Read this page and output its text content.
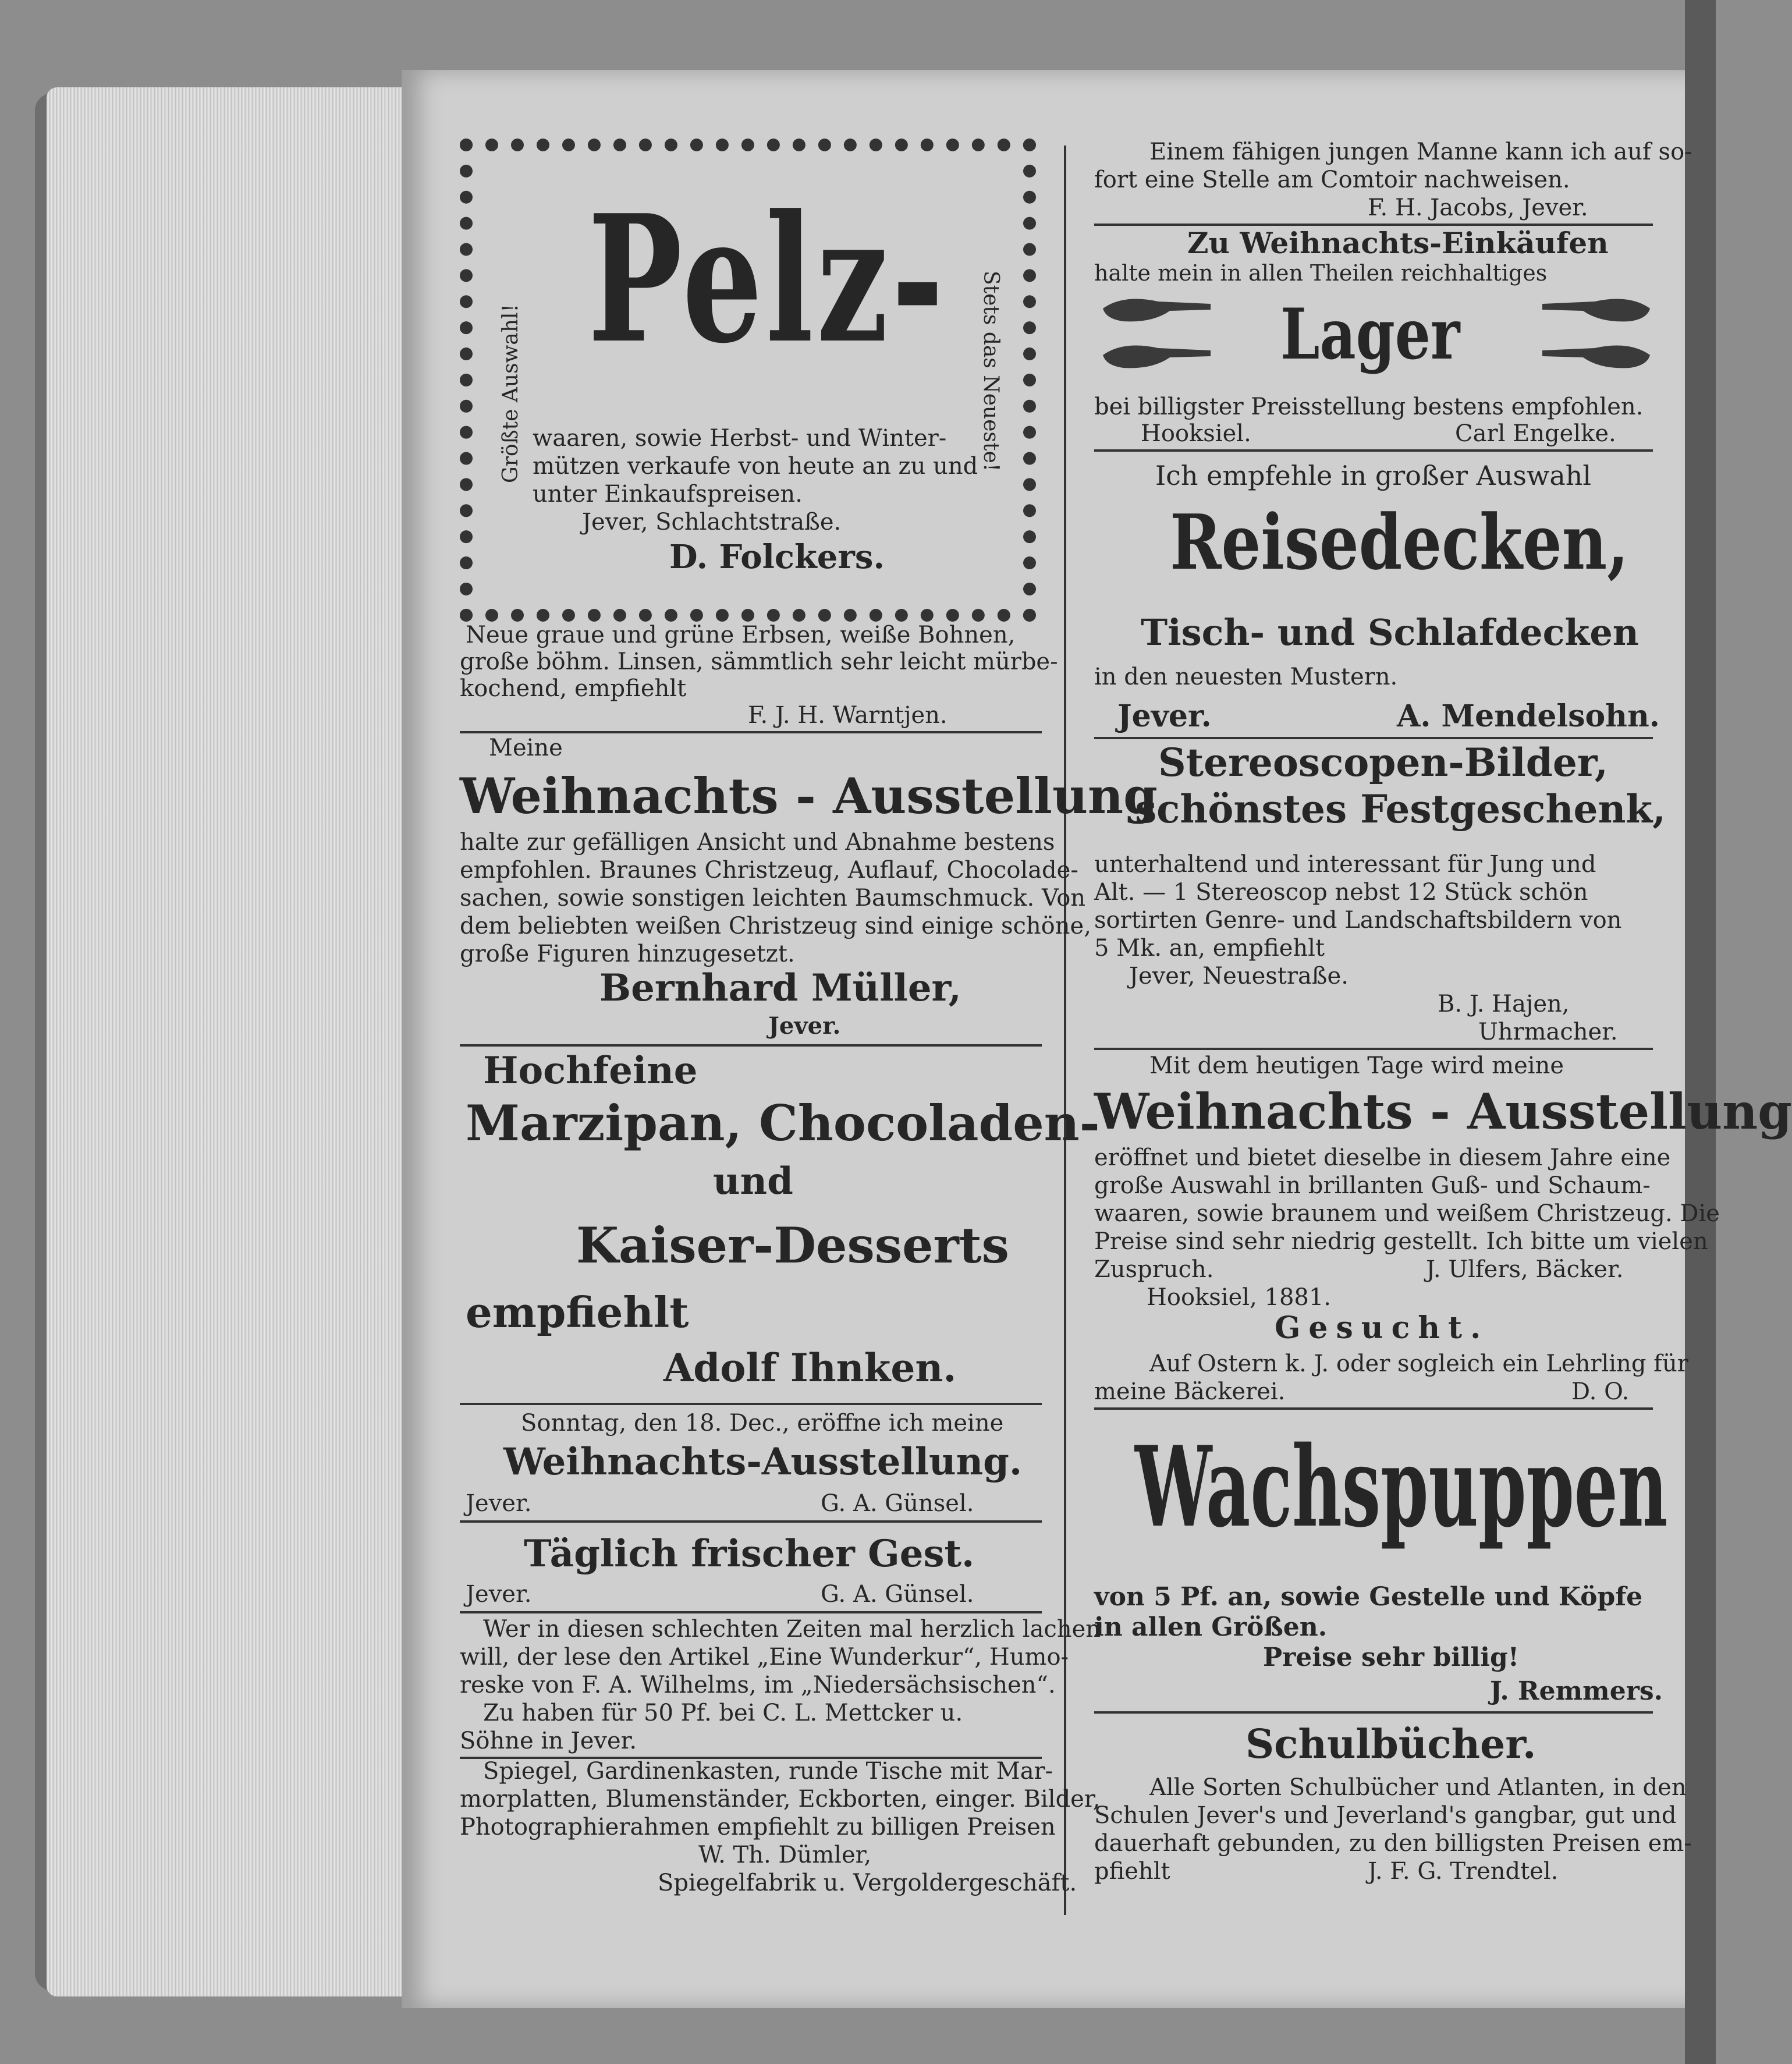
Pelz-
Größte Auswahl!	Stets das Neueste!
waaren, sowie Herbst- und Winter-
mützen verkaufe von heute an zu und
unter Einkaufspreisen.
Jever, Schlachtstraße.
D. Folckers.
Neue graue und grüne Erbsen, weiße Bohnen,
große böhm. Linsen, sämmtlich sehr leicht mürbe-
kochend, empfiehlt
F. J. H. Warntjen.
Meine
Weihnachts - Ausstellung
halte zur gefälligen Ansicht und Abnahme bestens
empfohlen. Braunes Christzeug, Auflauf, Chocolade-
sachen, sowie sonstigen leichten Baumschmuck. Von
dem beliebten weißen Christzeug sind einige schöne,
große Figuren hinzugesetzt.
Bernhard Müller,
Jever.
Hochfeine
Marzipan, Chocoladen-
und
Kaiser-Desserts
empfiehlt
Adolf Ihnken.
Sonntag, den 18. Dec., eröffne ich meine
Weihnachts-Ausstellung.
Jever.	G. A. Günsel.
Täglich frischer Gest.
Jever.	G. A. Günsel.
Wer in diesen schlechten Zeiten mal herzlich lachen
will, der lese den Artikel „Eine Wunderkur“, Humo-
reske von F. A. Wilhelms, im „Niedersächsischen“.
Zu haben für 50 Pf. bei C. L. Mettcker u.
Söhne in Jever.
Spiegel, Gardinenkasten, runde Tische mit Mar-
morplatten, Blumenständer, Eckborten, einger. Bilder,
Photographierahmen empfiehlt zu billigen Preisen
W. Th. Dümler,
Spiegelfabrik u. Vergoldergeschäft.
Einem fähigen jungen Manne kann ich auf so-
fort eine Stelle am Comtoir nachweisen.
F. H. Jacobs, Jever.
Zu Weihnachts-Einkäufen
halte mein in allen Theilen reichhaltiges
Lager
bei billigster Preisstellung bestens empfohlen.
Hooksiel.	Carl Engelke.
Ich empfehle in großer Auswahl
Reisedecken,
Tisch- und Schlafdecken
in den neuesten Mustern.
Jever.	A. Mendelsohn.
Stereoscopen-Bilder,
schönstes Festgeschenk,
unterhaltend und interessant für Jung und
Alt. — 1 Stereoscop nebst 12 Stück schön
sortirten Genre- und Landschaftsbildern von
5 Mk. an, empfiehlt
Jever, Neuestraße.
B. J. Hajen,
Uhrmacher.
Mit dem heutigen Tage wird meine
Weihnachts - Ausstellung
eröffnet und bietet dieselbe in diesem Jahre eine
große Auswahl in brillanten Guß- und Schaum-
waaren, sowie braunem und weißem Christzeug. Die
Preise sind sehr niedrig gestellt. Ich bitte um vielen
Zuspruch.	J. Ulfers, Bäcker.
Hooksiel, 1881.
Gesucht.
Auf Ostern k. J. oder sogleich ein Lehrling für
meine Bäckerei.	D. O.
Wachspuppen
von 5 Pf. an, sowie Gestelle und Köpfe
in allen Größen.
Preise sehr billig!
J. Remmers.
Schulbücher.
Alle Sorten Schulbücher und Atlanten, in den
Schulen Jever's und Jeverland's gangbar, gut und
dauerhaft gebunden, zu den billigsten Preisen em-
pfiehlt	J. F. G. Trendtel.
